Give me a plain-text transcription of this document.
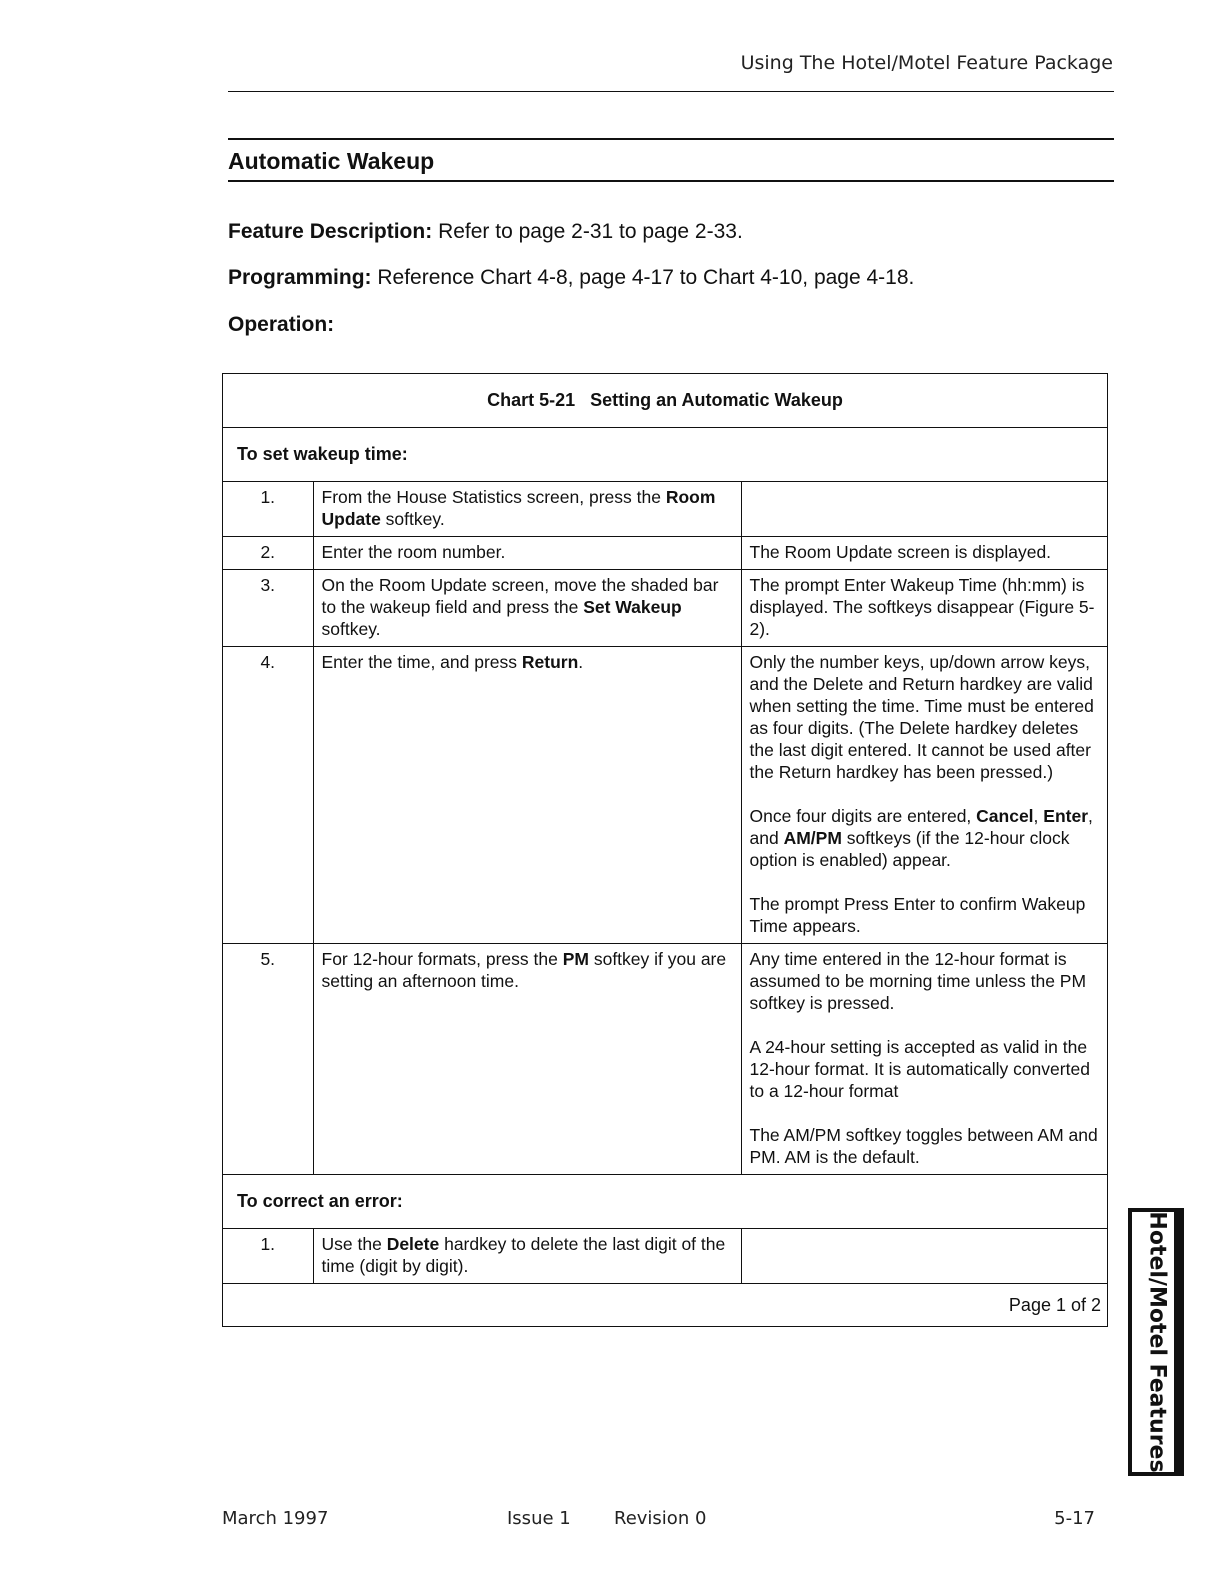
Using The Hotel/Motel Feature Package
Automatic Wakeup
Feature Description: Refer to page 2-31 to page 2-33.
Programming: Reference Chart 4-8, page 4-17 to Chart 4-10, page 4-18.
Operation:
Chart 5-21   Setting an Automatic Wakeup
To set wakeup time:
1.	From the House Statistics screen, press the Room Update softkey.	
2.	Enter the room number.	The Room Update screen is displayed.

3.	On the Room Update screen, move the shaded bar to the wakeup field and press the Set Wakeup softkey.	The prompt Enter Wakeup Time (hh:mm) is displayed. The softkeys disappear (Figure 5-2).

4.	Enter the time, and press Return.	Only the number keys, up/down arrow keys, and the Delete and Return hardkey are valid when setting the time. Time must be entered as four digits. (The Delete hardkey deletes the last digit entered. It cannot be used after the Return hardkey has been pressed.)
Once four digits are entered, Cancel, Enter, and AM/PM softkeys (if the 12-hour clock option is enabled) appear.
The prompt Press Enter to confirm Wakeup Time appears.

5.	For 12-hour formats, press the PM softkey if you are setting an afternoon time.	Any time entered in the 12-hour format is assumed to be morning time unless the PM softkey is pressed.
A 24-hour setting is accepted as valid in the 12-hour format. It is automatically converted to a 12-hour format
The AM/PM softkey toggles between AM and PM. AM is the default.
To correct an error:
1.	Use the Delete hardkey to delete the last digit of the time (digit by digit).	
Page 1 of 2 Hotel/Motel Features
March 1997	Issue 1 Revision 0	5-17
